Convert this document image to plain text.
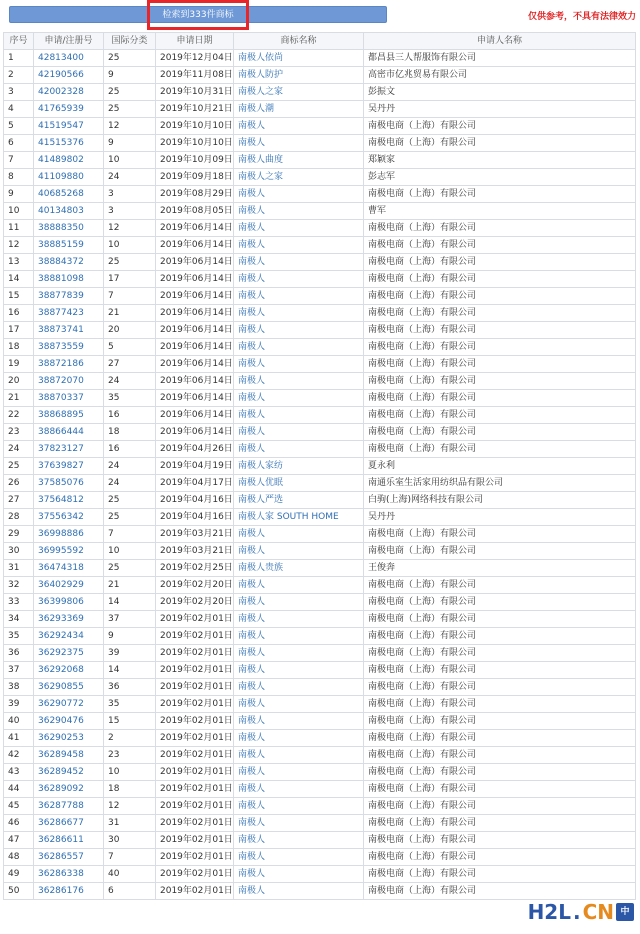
检索到333件商标	仅供参考，不具有法律效力
序号	申请/注册号	国际分类	申请日期	商标名称	申请人名称
1	42813400	25	2019年12月04日	南极人依尚	都昌县三人帮服饰有限公司
2	42190566	9	2019年11月08日	南极人防护	高密市亿兆贸易有限公司
3	42002328	25	2019年10月31日	南极人之家	彭振文
4	41765939	25	2019年10月21日	南极人潮	吴丹丹
5	41519547	12	2019年10月10日	南极人	南极电商（上海）有限公司
6	41515376	9	2019年10月10日	南极人	南极电商（上海）有限公司
7	41489802	10	2019年10月09日	南极人曲度	郑颖家
8	41109880	24	2019年09月18日	南极人之家	彭志军
9	40685268	3	2019年08月29日	南极人	南极电商（上海）有限公司
10	40134803	3	2019年08月05日	南极人	曹军
11	38888350	12	2019年06月14日	南极人	南极电商（上海）有限公司
12	38885159	10	2019年06月14日	南极人	南极电商（上海）有限公司
13	38884372	25	2019年06月14日	南极人	南极电商（上海）有限公司
14	38881098	17	2019年06月14日	南极人	南极电商（上海）有限公司
15	38877839	7	2019年06月14日	南极人	南极电商（上海）有限公司
16	38877423	21	2019年06月14日	南极人	南极电商（上海）有限公司
17	38873741	20	2019年06月14日	南极人	南极电商（上海）有限公司
18	38873559	5	2019年06月14日	南极人	南极电商（上海）有限公司
19	38872186	27	2019年06月14日	南极人	南极电商（上海）有限公司
20	38872070	24	2019年06月14日	南极人	南极电商（上海）有限公司
21	38870337	35	2019年06月14日	南极人	南极电商（上海）有限公司
22	38868895	16	2019年06月14日	南极人	南极电商（上海）有限公司
23	38866444	18	2019年06月14日	南极人	南极电商（上海）有限公司
24	37823127	16	2019年04月26日	南极人	南极电商（上海）有限公司
25	37639827	24	2019年04月19日	南极人家纺	夏永利
26	37585076	24	2019年04月17日	南极人优眠	南通乐室生活家用纺织品有限公司
27	37564812	25	2019年04月16日	南极人严选	白驹(上海)网络科技有限公司
28	37556342	25	2019年04月16日	南极人家 SOUTH HOME	吴丹丹
29	36998886	7	2019年03月21日	南极人	南极电商（上海）有限公司
30	36995592	10	2019年03月21日	南极人	南极电商（上海）有限公司
31	36474318	25	2019年02月25日	南极人贵族	王俊奔
32	36402929	21	2019年02月20日	南极人	南极电商（上海）有限公司
33	36399806	14	2019年02月20日	南极人	南极电商（上海）有限公司
34	36293369	37	2019年02月01日	南极人	南极电商（上海）有限公司
35	36292434	9	2019年02月01日	南极人	南极电商（上海）有限公司
36	36292375	39	2019年02月01日	南极人	南极电商（上海）有限公司
37	36292068	14	2019年02月01日	南极人	南极电商（上海）有限公司
38	36290855	36	2019年02月01日	南极人	南极电商（上海）有限公司
39	36290772	35	2019年02月01日	南极人	南极电商（上海）有限公司
40	36290476	15	2019年02月01日	南极人	南极电商（上海）有限公司
41	36290253	2	2019年02月01日	南极人	南极电商（上海）有限公司
42	36289458	23	2019年02月01日	南极人	南极电商（上海）有限公司
43	36289452	10	2019年02月01日	南极人	南极电商（上海）有限公司
44	36289092	18	2019年02月01日	南极人	南极电商（上海）有限公司
45	36287788	12	2019年02月01日	南极人	南极电商（上海）有限公司
46	36286677	31	2019年02月01日	南极人	南极电商（上海）有限公司
47	36286611	30	2019年02月01日	南极人	南极电商（上海）有限公司
48	36286557	7	2019年02月01日	南极人	南极电商（上海）有限公司
49	36286338	40	2019年02月01日	南极人	南极电商（上海）有限公司
50	36286176	6	2019年02月01日	南极人	南极电商（上海）有限公司
H2L . CN 中
